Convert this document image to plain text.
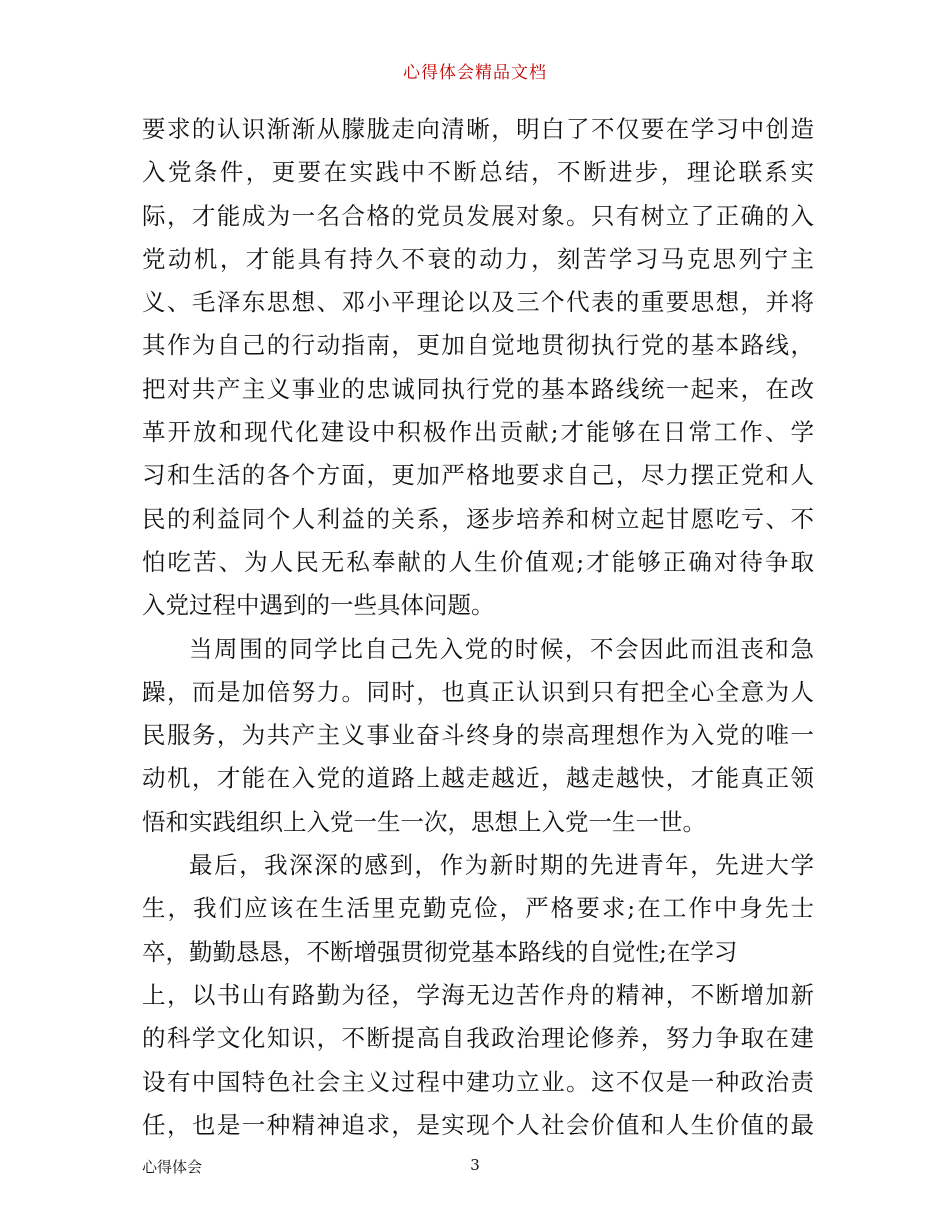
心得体会精品文档
要求的认识渐渐从朦胧走向清晰，明白了不仅要在学习中创造
入党条件，更要在实践中不断总结，不断进步，理论联系实
际，才能成为一名合格的党员发展对象。只有树立了正确的入
党动机，才能具有持久不衰的动力，刻苦学习马克思列宁主
义、毛泽东思想、邓小平理论以及三个代表的重要思想，并将
其作为自己的行动指南，更加自觉地贯彻执行党的基本路线，
把对共产主义事业的忠诚同执行党的基本路线统一起来，在改
革开放和现代化建设中积极作出贡献;才能够在日常工作、学
习和生活的各个方面，更加严格地要求自己，尽力摆正党和人
民的利益同个人利益的关系，逐步培养和树立起甘愿吃亏、不
怕吃苦、为人民无私奉献的人生价值观;才能够正确对待争取
入党过程中遇到的一些具体问题。
当周围的同学比自己先入党的时候，不会因此而沮丧和急
躁，而是加倍努力。同时，也真正认识到只有把全心全意为人
民服务，为共产主义事业奋斗终身的崇高理想作为入党的唯一
动机，才能在入党的道路上越走越近，越走越快，才能真正领
悟和实践组织上入党一生一次，思想上入党一生一世。
最后，我深深的感到，作为新时期的先进青年，先进大学
生，我们应该在生活里克勤克俭，严格要求;在工作中身先士
卒，勤勤恳恳，不断增强贯彻党基本路线的自觉性;在学习
上，以书山有路勤为径，学海无边苦作舟的精神，不断增加新
的科学文化知识，不断提高自我政治理论修养，努力争取在建
设有中国特色社会主义过程中建功立业。这不仅是一种政治责
任，也是一种精神追求，是实现个人社会价值和人生价值的最
心得体会	3
